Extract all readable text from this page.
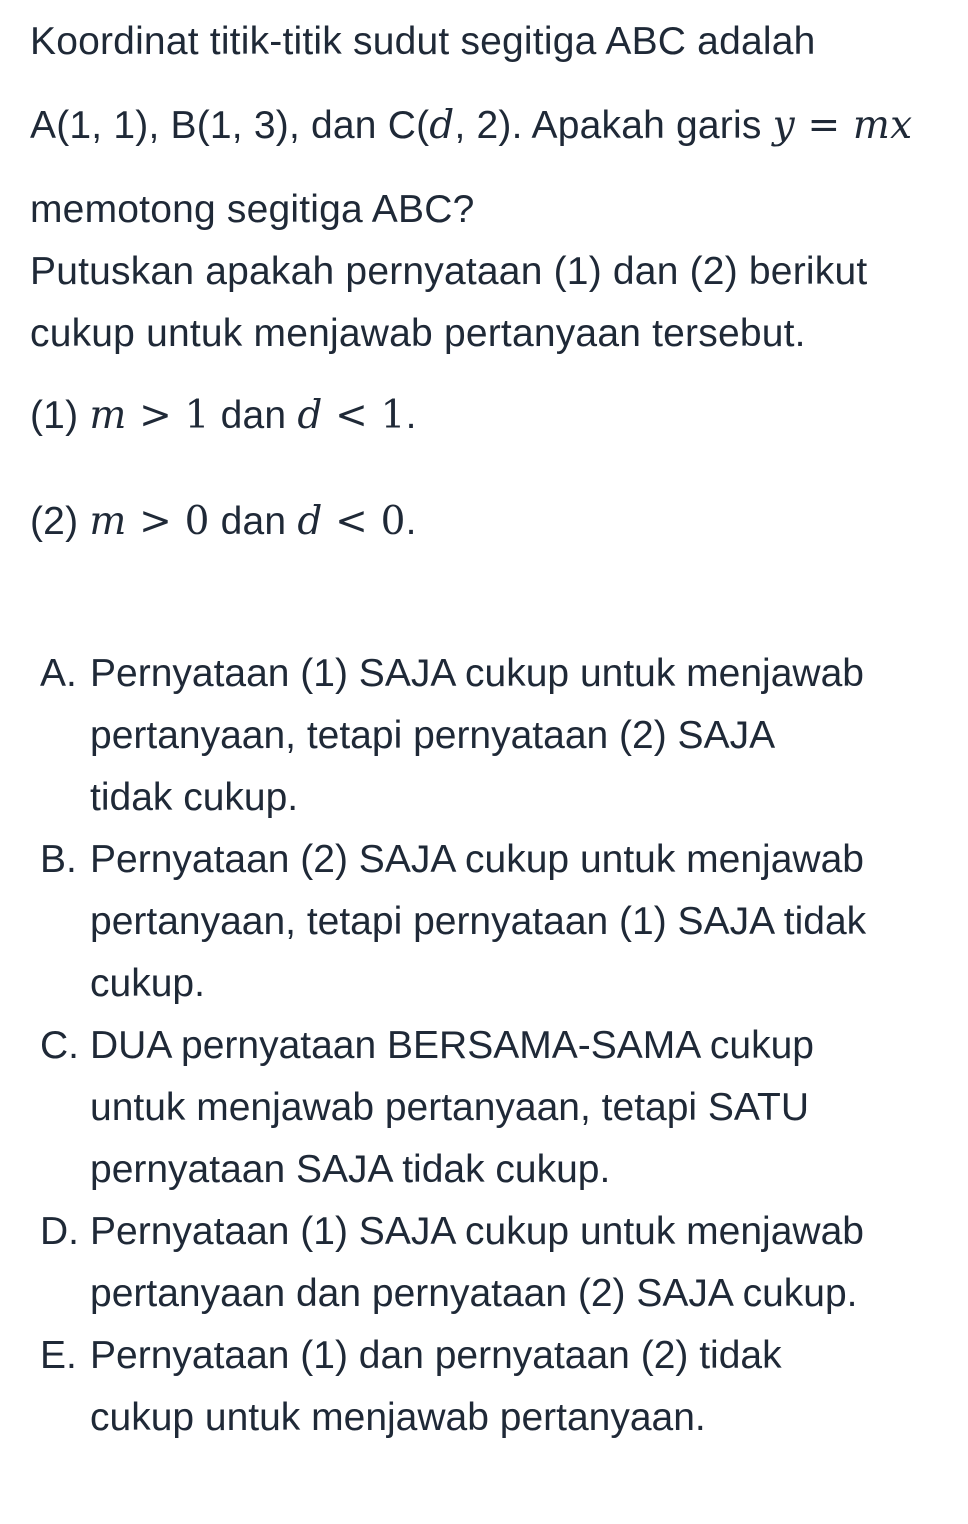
Koordinat titik-titik sudut segitiga ABC adalah
A(1, 1), B(1, 3), dan C(d, 2). Apakah garis y = mx
memotong segitiga ABC?
Putuskan apakah pernyataan (1) dan (2) berikut
cukup untuk menjawab pertanyaan tersebut.
(1) m > 1 dan d < 1.
(2) m > 0 dan d < 0.
A. Pernyataan (1) SAJA cukup untuk menjawab
pertanyaan, tetapi pernyataan (2) SAJA
tidak cukup.
B. Pernyataan (2) SAJA cukup untuk menjawab
pertanyaan, tetapi pernyataan (1) SAJA tidak
cukup.
C. DUA pernyataan BERSAMA-SAMA cukup
untuk menjawab pertanyaan, tetapi SATU
pernyataan SAJA tidak cukup.
D. Pernyataan (1) SAJA cukup untuk menjawab
pertanyaan dan pernyataan (2) SAJA cukup.
E. Pernyataan (1) dan pernyataan (2) tidak
cukup untuk menjawab pertanyaan.
